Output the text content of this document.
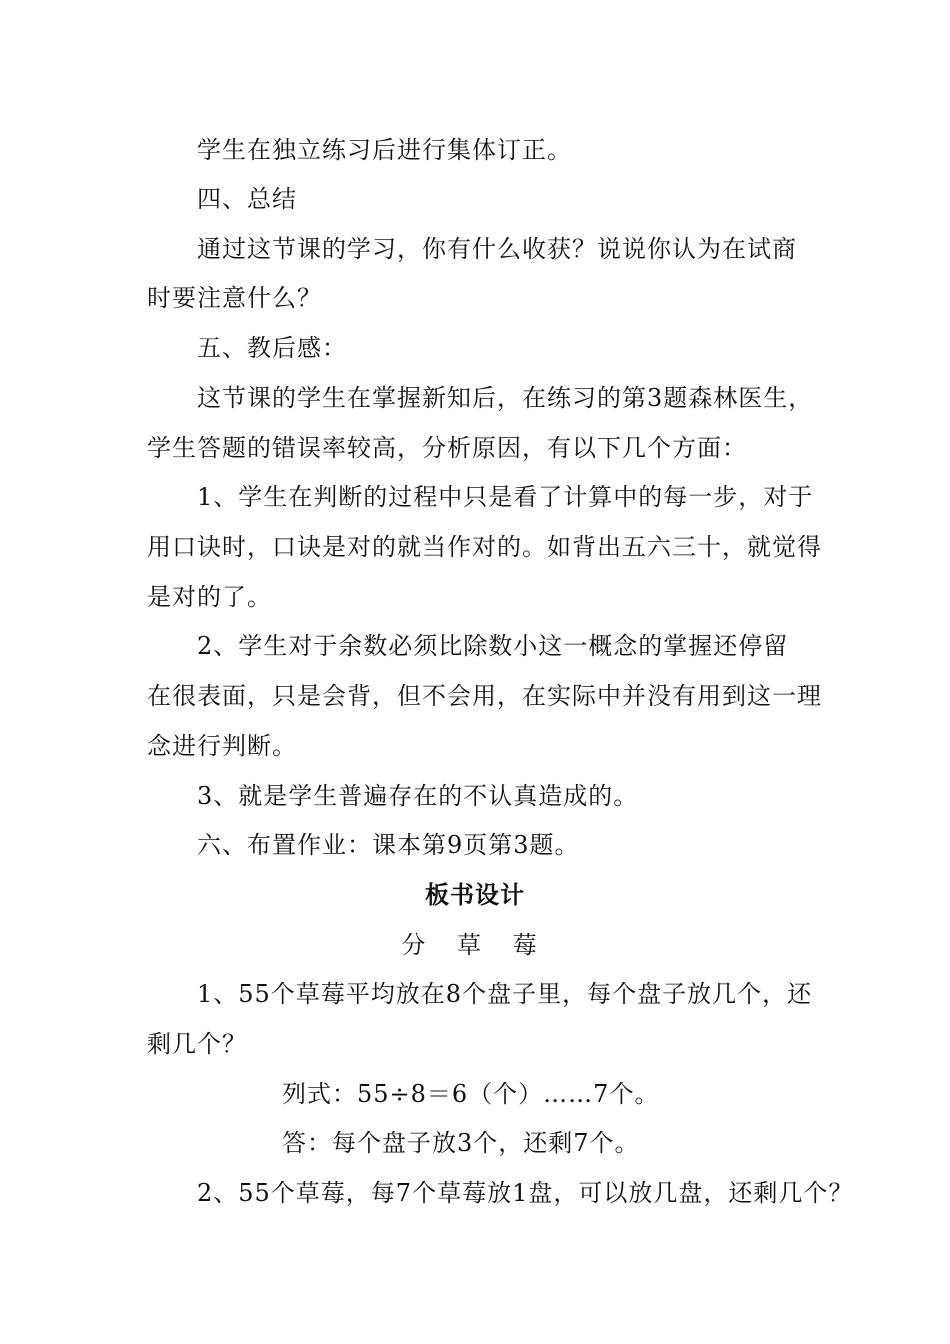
学生在独立练习后进行集体订正。
四、总结
通过这节课的学习，你有什么收获？说说你认为在试商
时要注意什么？
五、教后感：
这节课的学生在掌握新知后，在练习的第3题森林医生，
学生答题的错误率较高，分析原因，有以下几个方面：
1、学生在判断的过程中只是看了计算中的每一步，对于
用口诀时，口诀是对的就当作对的。如背出五六三十，就觉得
是对的了。
2、学生对于余数必须比除数小这一概念的掌握还停留
在很表面，只是会背，但不会用，在实际中并没有用到这一理
念进行判断。
3、就是学生普遍存在的不认真造成的。
六、布置作业：课本第9页第3题。
板书设计
分 草 莓
1、55个草莓平均放在8个盘子里，每个盘子放几个，还
剩几个？
列式：55÷8＝6（个）……7个。
答：每个盘子放3个，还剩7个。
2、55个草莓，每7个草莓放1盘，可以放几盘，还剩几个？
